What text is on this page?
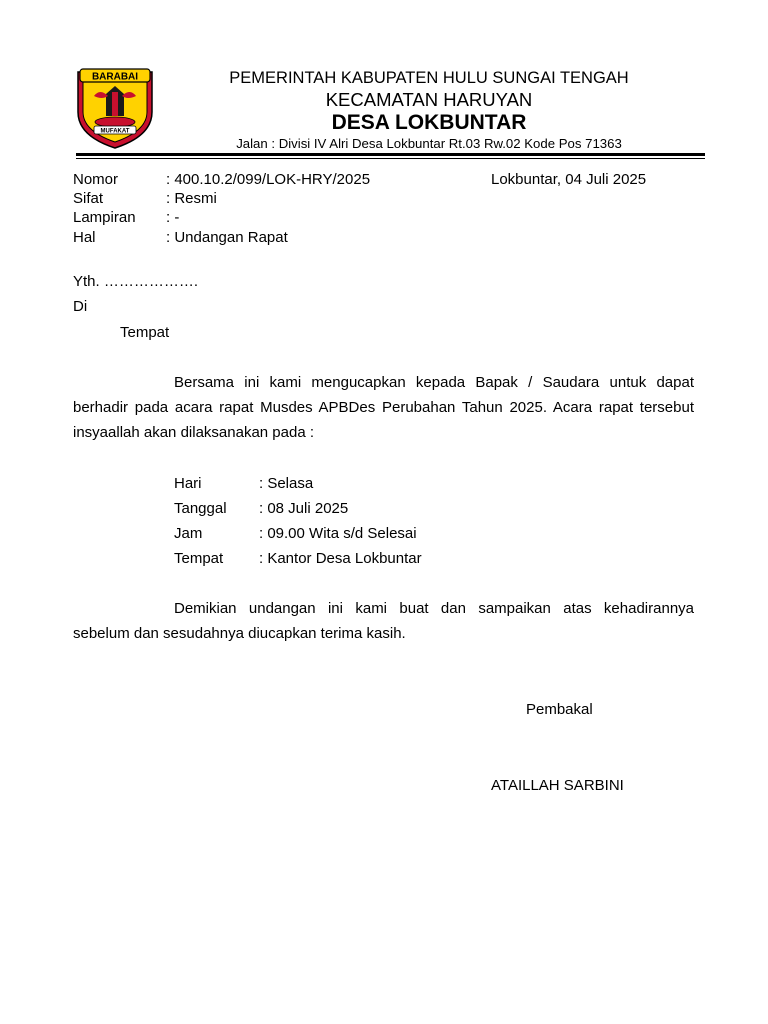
BARABAI
MUFAKAT
PEMERINTAH KABUPATEN HULU SUNGAI TENGAH
KECAMATAN HARUYAN
DESA LOKBUNTAR
Jalan : Divisi IV Alri Desa Lokbuntar Rt.03 Rw.02 Kode Pos 71363
Nomor	: 400.10.2/099/LOK-HRY/2025	Lokbuntar, 04 Juli 2025
Sifat	: Resmi
Lampiran : -
Hal	: Undangan Rapat
Yth. ……………….
Di
Tempat
Bersama ini kami mengucapkan kepada Bapak / Saudara untuk dapat
berhadir pada acara rapat Musdes APBDes Perubahan Tahun 2025. Acara rapat tersebut
insyaallah akan dilaksanakan pada :
Hari	: Selasa
Tanggal : 08 Juli 2025
Jam	: 09.00 Wita s/d Selesai
Tempat : Kantor Desa Lokbuntar
Demikian undangan ini kami buat dan sampaikan atas kehadirannya
sebelum dan sesudahnya diucapkan terima kasih.
Pembakal
ATAILLAH SARBINI
